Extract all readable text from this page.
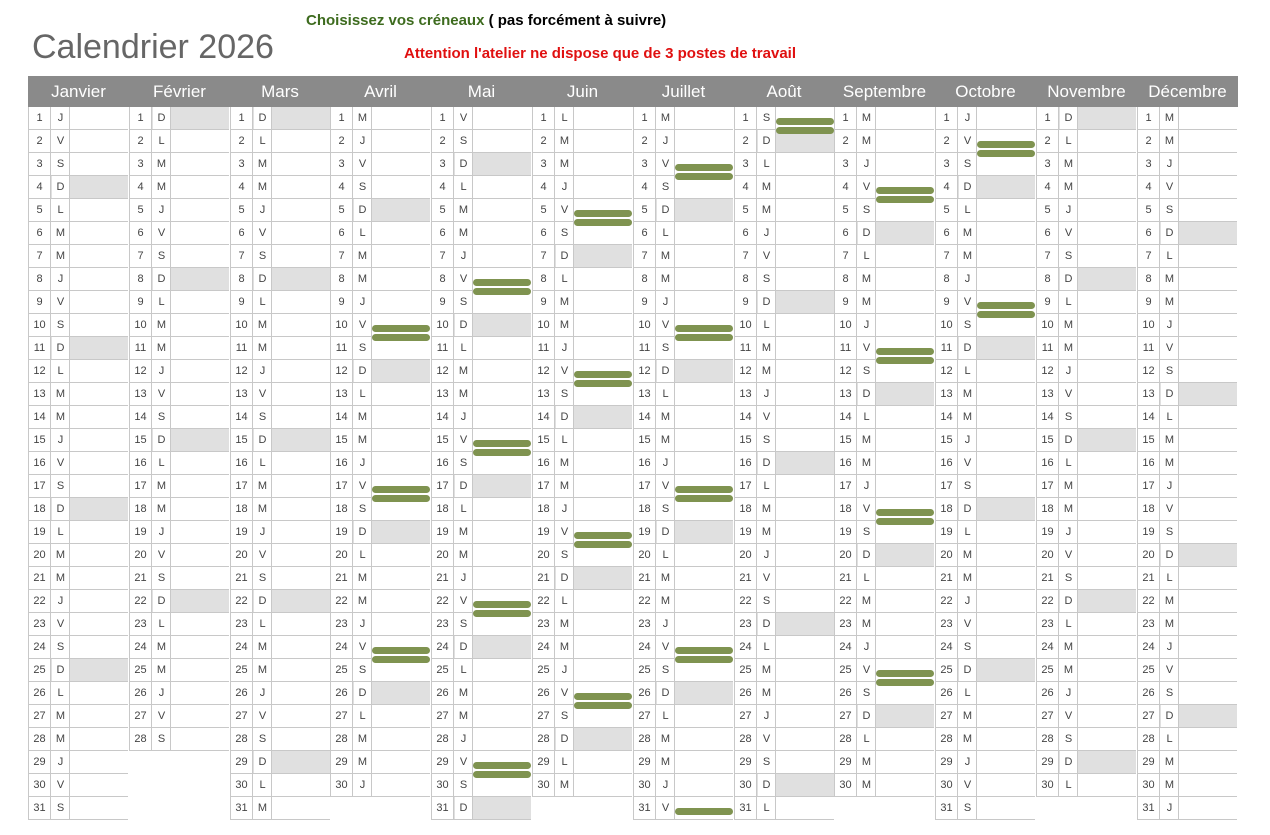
Calendrier 2026
Choisissez vos créneaux ( pas forcément à suivre)
Attention l'atelier ne dispose que de 3 postes de travail
Janvier
1	J
2	V
3	S
4	D
5	L
6	M
7	M
8	J
9	V
10	S
11	D
12	L
13 M
14 M
15	J
16	V
17	S
18 D
19	L
20 M
21 M
22	J
23	V
24	S
25 D
26	L
27 M
28 M
29	J
30	V
31	S
Février
1	D
2	L
3	M
4	M
5	J
6	V
7	S
8	D
9	L
10 M
11 M
12	J
13	V
14	S
15 D
16	L
17 M
18 M
19	J
20	V
21	S
22 D
23	L
24 M
25 M
26	J
27	V
28	S
Mars
1	D
2	L
3	M
4	M
5	J
6	V
7	S
8	D
9	L
10 M
11 M
12	J
13	V
14	S
15 D
16	L
17 M
18 M
19	J
20	V
21	S
22 D
23	L
24 M
25 M
26	J
27	V
28	S
29 D
30	L
31 M
Avril
1	M
2	J
3	V
4	S
5	D
6	L
7	M
8	M
9	J
10	V
11	S
12 D
13	L
14 M
15 M
16	J
17	V
18	S
19 D
20	L
21 M
22 M
23	J
24	V
25	S
26 D
27	L
28 M
29 M
30	J
Mai
1	V
2	S
3	D
4	L
5	M
6	M
7	J
8	V
9	S
10 D
11	L
12 M
13 M
14	J
15	V
16	S
17 D
18	L
19 M
20 M
21	J
22	V
23	S
24 D
25	L
26 M
27 M
28	J
29	V
30	S
31 D
Juin
1	L
2	M
3	M
4	J
5	V
6	S
7	D
8	L
9	M
10 M
11	J
12	V
13	S
14 D
15	L
16 M
17 M
18	J
19	V
20	S
21 D
22	L
23 M
24 M
25	J
26	V
27	S
28 D
29	L
30 M
Juillet
1	M
2	J
3	V
4	S
5	D
6	L
7	M
8	M
9	J
10	V
11	S
12 D
13	L
14 M
15 M
16	J
17	V
18	S
19 D
20	L
21 M
22 M
23	J
24	V
25	S
26 D
27	L
28 M
29 M
30	J
31	V
Août
1	S
2	D
3	L
4	M
5	M
6	J
7	V
8	S
9	D
10	L
11 M
12 M
13	J
14	V
15	S
16 D
17	L
18 M
19 M
20	J
21	V
22	S
23 D
24	L
25 M
26 M
27	J
28	V
29	S
30 D
31	L
Septembre
1	M
2	M
3	J
4	V
5	S
6	D
7	L
8	M
9	M
10	J
11	V
12	S
13 D
14	L
15 M
16 M
17	J
18	V
19	S
20 D
21	L
22 M
23 M
24	J
25	V
26	S
27 D
28	L
29 M
30 M
Octobre
1	J
2	V
3	S
4	D
5	L
6	M
7	M
8	J
9	V
10	S
11	D
12	L
13 M
14 M
15	J
16	V
17	S
18 D
19	L
20 M
21 M
22	J
23	V
24	S
25 D
26	L
27 M
28 M
29	J
30	V
31	S
Novembre
1	D
2	L
3	M
4	M
5	J
6	V
7	S
8	D
9	L
10 M
11 M
12	J
13	V
14	S
15 D
16	L
17 M
18 M
19	J
20	V
21	S
22 D
23	L
24 M
25 M
26	J
27	V
28	S
29 D
30	L
Décembre
1	M
2	M
3	J
4	V
5	S
6	D
7	L
8	M
9	M
10	J
11	V
12	S
13 D
14	L
15 M
16 M
17	J
18	V
19	S
20 D
21	L
22 M
23 M
24	J
25	V
26	S
27 D
28	L
29 M
30 M
31	J
